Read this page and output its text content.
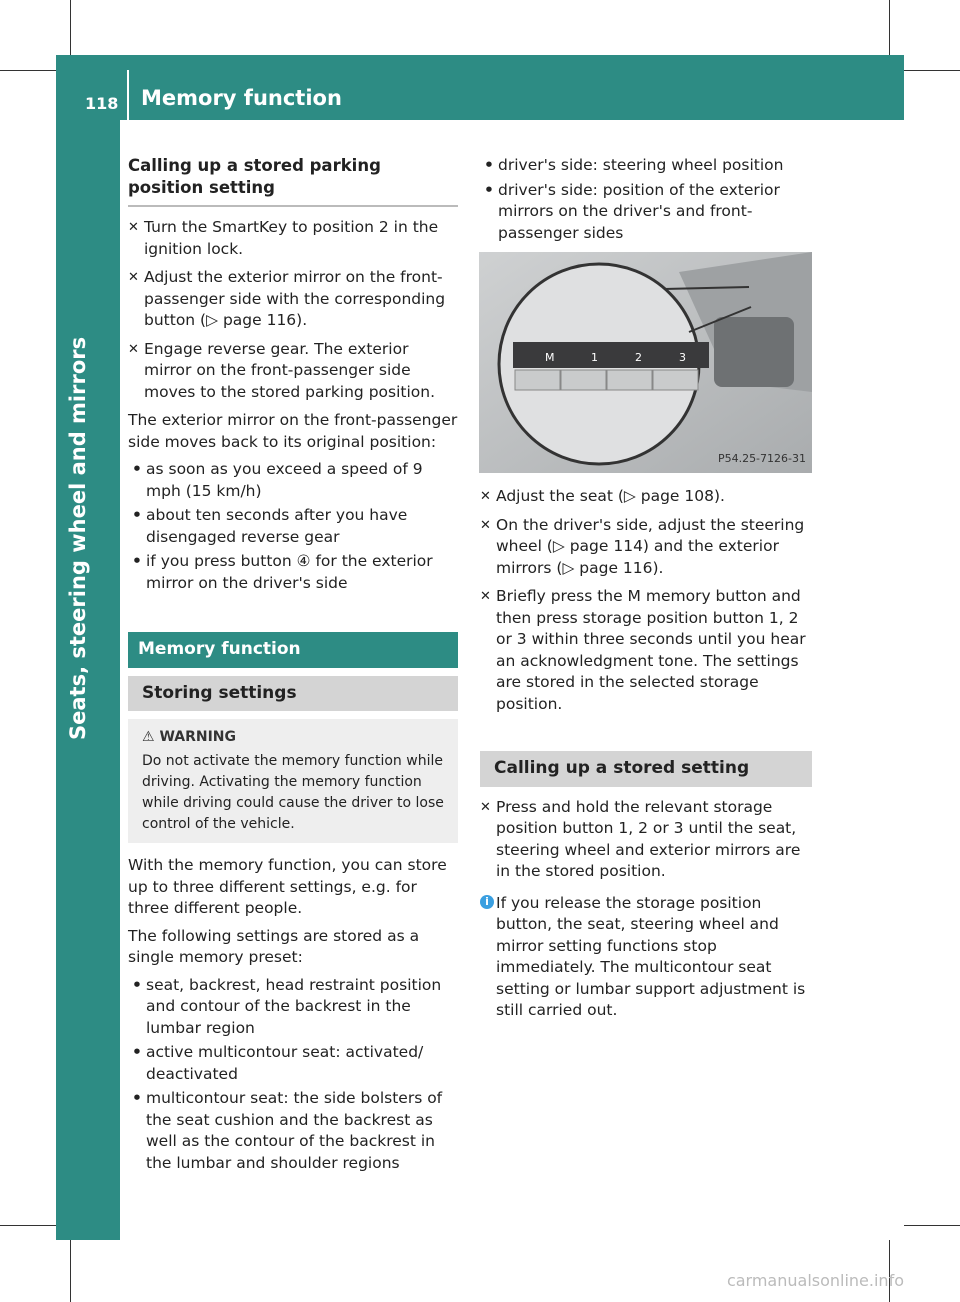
118 Memory function
Seats, steering wheel and mirrors
Calling up a stored parking position setting
✕ Turn the SmartKey to position 2 in the ignition lock.
✕ Adjust the exterior mirror on the front-passenger side with the corresponding button (▷ page 116).
✕ Engage reverse gear. The exterior mirror on the front-passenger side moves to the stored parking position.

The exterior mirror on the front-passenger side moves back to its original position:

• as soon as you exceed a speed of 9 mph (15 km/h)
• about ten seconds after you have disengaged reverse gear
• if you press button ④ for the exterior mirror on the driver's side
Memory function
Storing settings
⚠ WARNING
Do not activate the memory function while driving. Activating the memory function while driving could cause the driver to lose control of the vehicle.

With the memory function, you can store up to three different settings, e.g. for three different people.

The following settings are stored as a single memory preset:

• seat, backrest, head restraint position and contour of the backrest in the lumbar region
• active multicontour seat: activated/ deactivated
• multicontour seat: the side bolsters of the seat cushion and the backrest as well as the contour of the backrest in the lumbar and shoulder regions
• driver's side: steering wheel position
• driver's side: position of the exterior mirrors on the driver's and front-passenger sides
M	1	2	3
P54.25-7126-31
✕ Adjust the seat (▷ page 108).
✕ On the driver's side, adjust the steering wheel (▷ page 114) and the exterior mirrors (▷ page 116).
✕ Briefly press the M memory button and then press storage position button 1, 2 or 3 within three seconds until you hear an acknowledgment tone. The settings are stored in the selected storage position.
Calling up a stored setting
✕ Press and hold the relevant storage position button 1, 2 or 3 until the seat, steering wheel and exterior mirrors are in the stored position.
i If you release the storage position button, the seat, steering wheel and mirror setting functions stop immediately. The multicontour seat setting or lumbar support adjustment is still carried out.
carmanualsonline.info
